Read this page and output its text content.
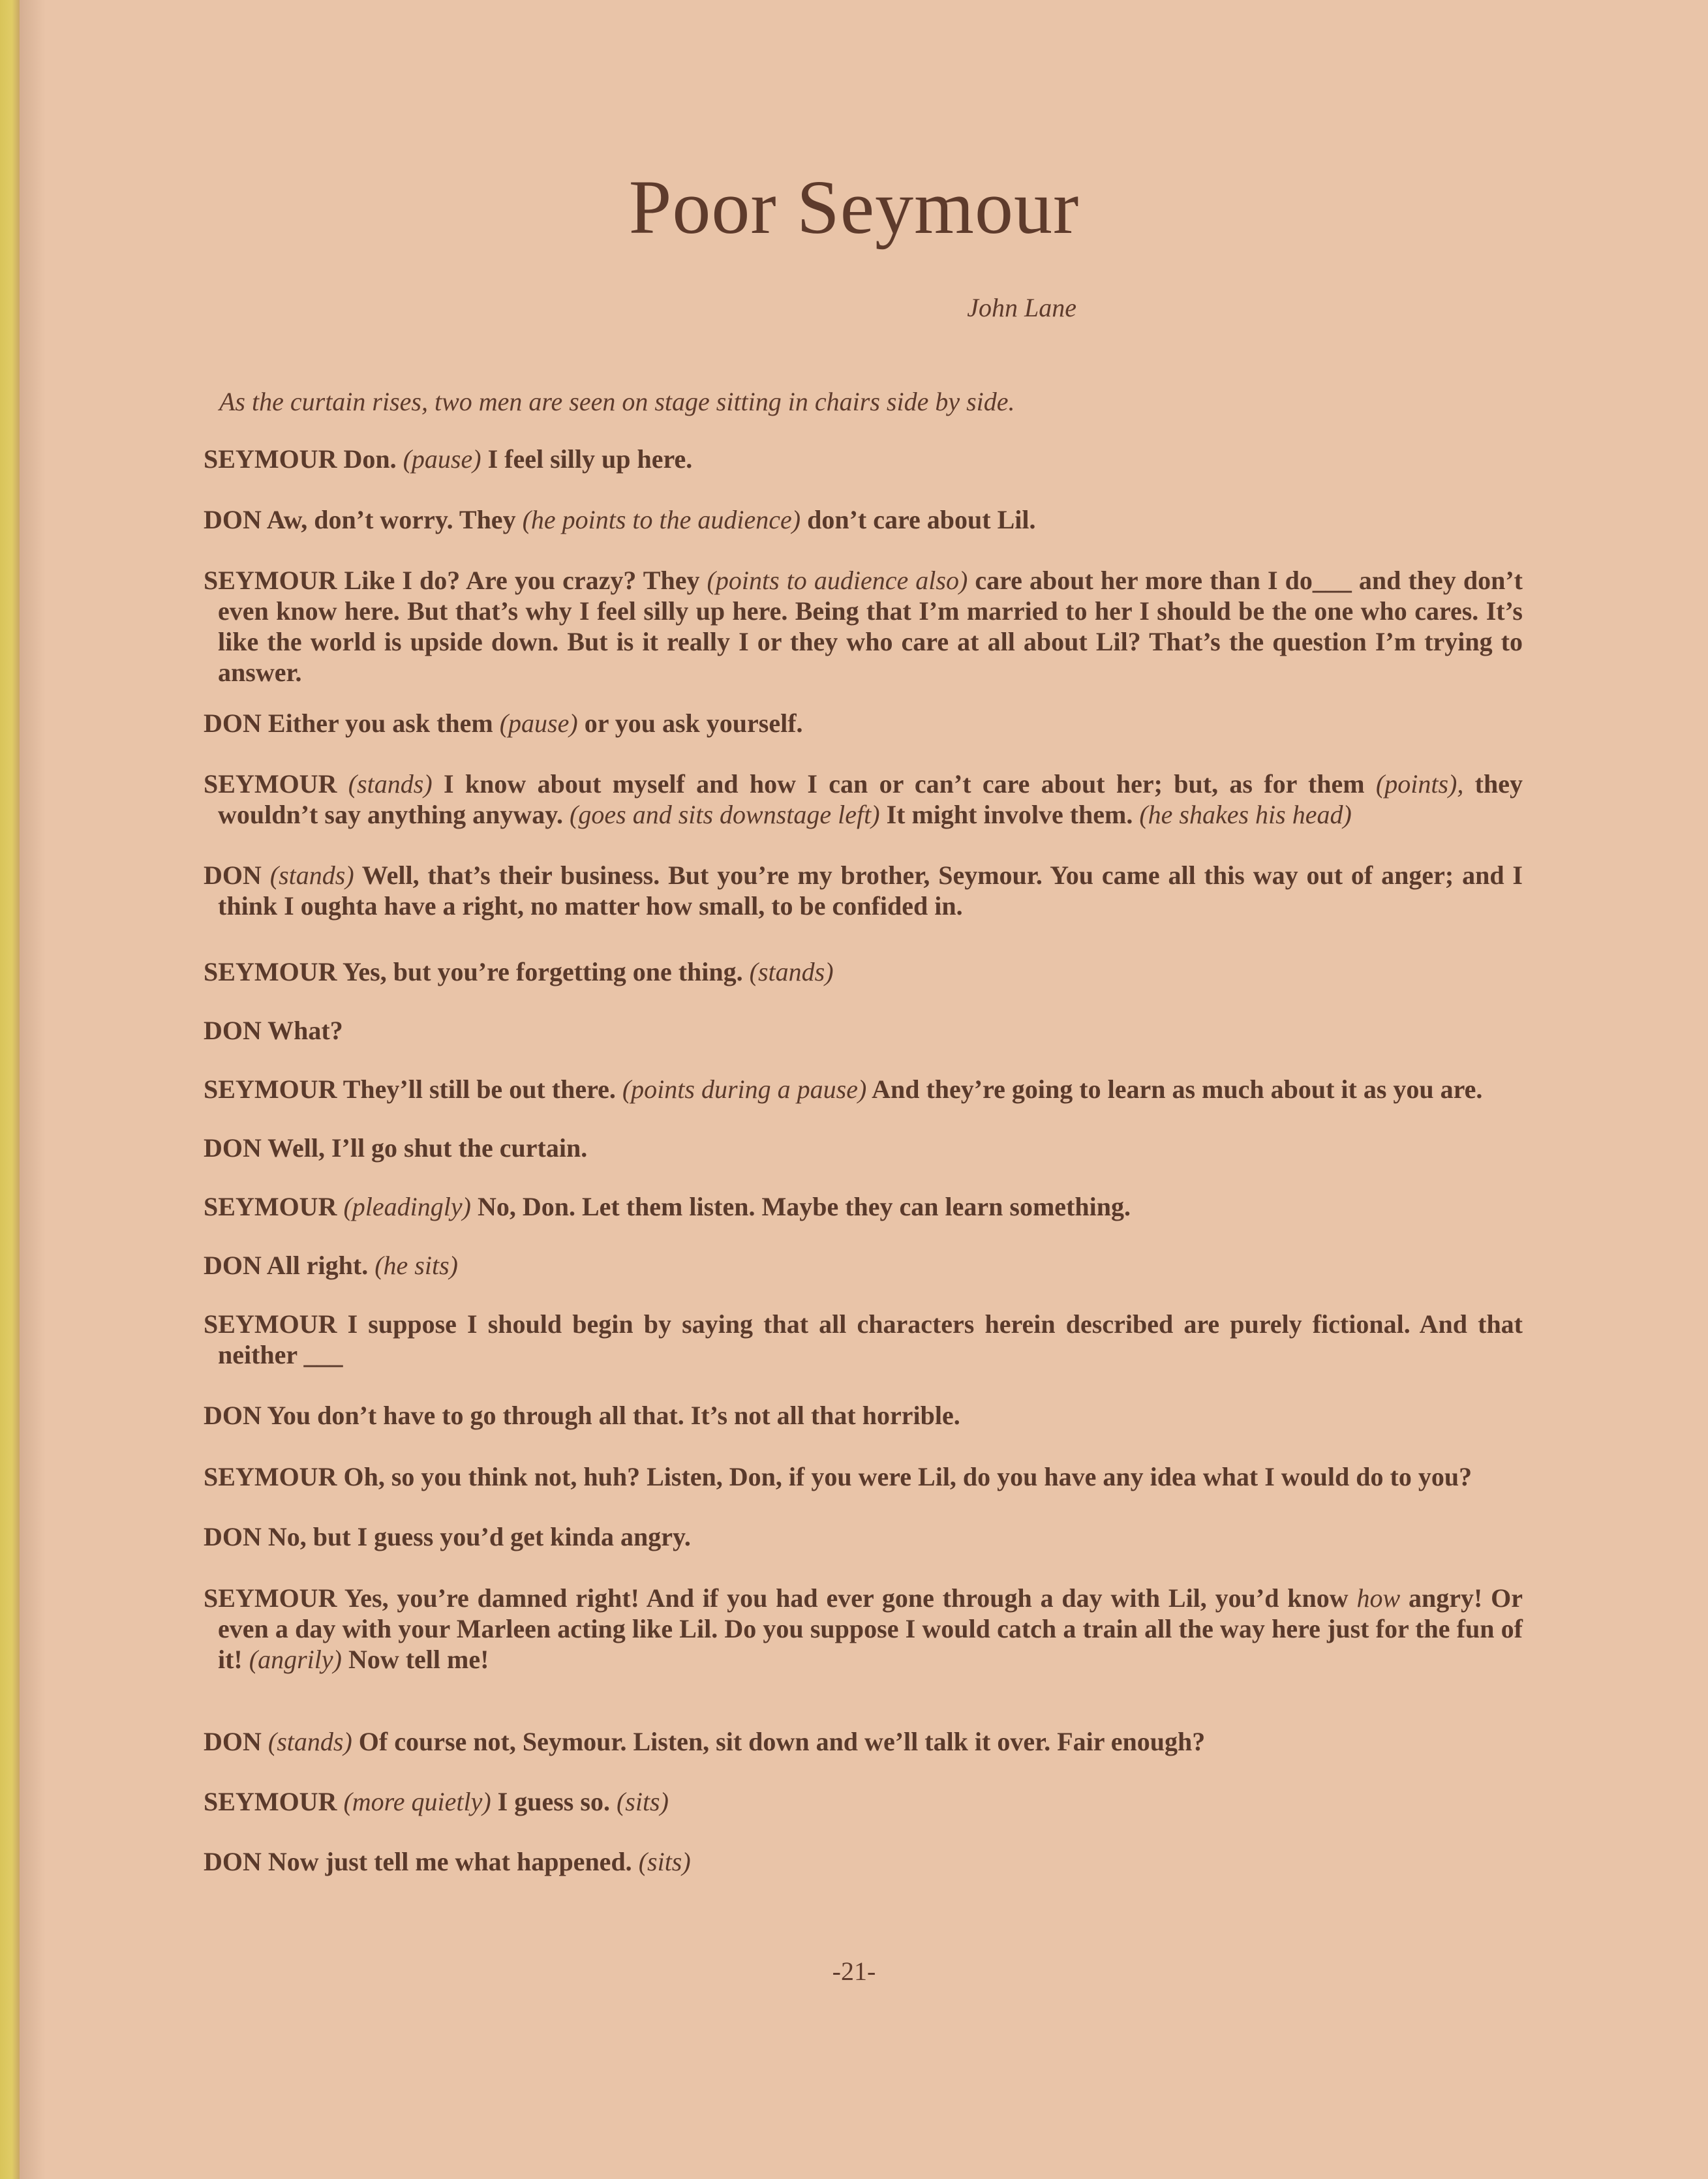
Poor Seymour
John Lane
As the curtain rises, two men are seen on stage sitting in chairs side by side.

SEYMOUR Don. (pause) I feel silly up here.

DON Aw, don’t worry. They (he points to the audience) don’t care about Lil.

SEYMOUR Like I do? Are you crazy? They (points to audience also) care about her more than I do___ and they don’t even know here. But that’s why I feel silly up here. Being that I’m married to her I should be the one who cares. It’s like the world is upside down. But is it really I or they who care at all about Lil? That’s the question I’m trying to answer.

DON Either you ask them (pause) or you ask yourself.

SEYMOUR (stands) I know about myself and how I can or can’t care about her; but, as for them (points), they wouldn’t say anything anyway. (goes and sits downstage left) It might involve them. (he shakes his head)

DON (stands) Well, that’s their business. But you’re my brother, Seymour. You came all this way out of anger; and I think I oughta have a right, no matter how small, to be confided in.

SEYMOUR Yes, but you’re forgetting one thing. (stands)

DON What?

SEYMOUR They’ll still be out there. (points during a pause) And they’re going to learn as much about it as you are.

DON Well, I’ll go shut the curtain.

SEYMOUR (pleadingly) No, Don. Let them listen. Maybe they can learn something.

DON All right. (he sits)

SEYMOUR I suppose I should begin by saying that all characters herein described are purely fictional. And that neither ___

DON You don’t have to go through all that. It’s not all that horrible.

SEYMOUR Oh, so you think not, huh? Listen, Don, if you were Lil, do you have any idea what I would do to you?

DON No, but I guess you’d get kinda angry.

SEYMOUR Yes, you’re damned right! And if you had ever gone through a day with Lil, you’d know how angry! Or even a day with your Marleen acting like Lil. Do you suppose I would catch a train all the way here just for the fun of it! (angrily) Now tell me!

DON (stands) Of course not, Seymour. Listen, sit down and we’ll talk it over. Fair enough?

SEYMOUR (more quietly) I guess so. (sits)

DON Now just tell me what happened. (sits)

-21-
